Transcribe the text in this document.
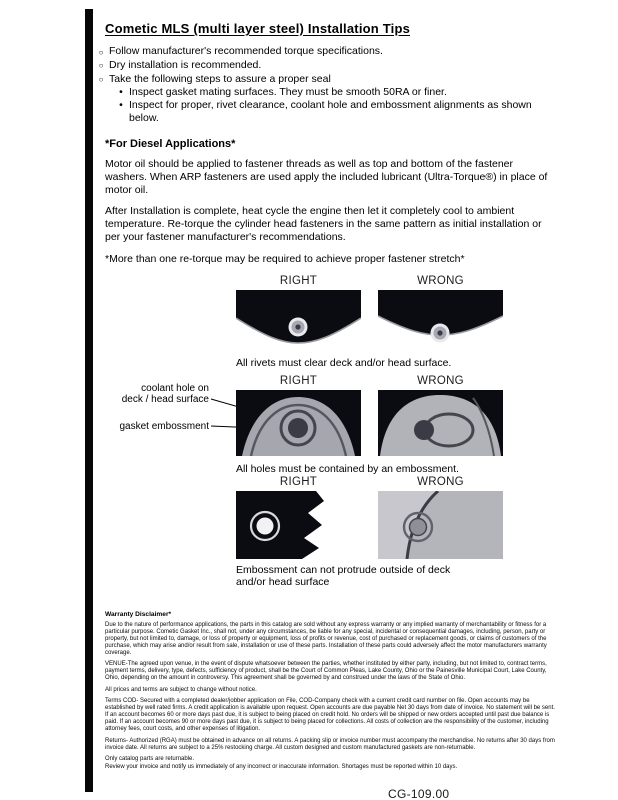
Cometic MLS (multi layer steel) Installation Tips
○
Follow manufacturer's recommended torque specifications.
○
Dry installation is recommended.
○
Take the following steps to assure a proper seal
•
Inspect gasket mating surfaces. They must be smooth 50RA or finer.
•
Inspect for proper, rivet clearance, coolant hole and embossment alignments as shown below.
*For Diesel Applications*

Motor oil should be applied to fastener threads as well as top and bottom of the fastener washers. When ARP fasteners are used apply the included lubricant (Ultra-Torque®) in place of motor oil.

After Installation is complete, heat cycle the engine then let it completely cool to ambient temperature. Re-torque the cylinder head fasteners in the same pattern as initial installation or per your fastener manufacturer's recommendations.

*More than one re-torque may be required to achieve proper fastener stretch*

RIGHT	WRONG
All rivets must clear deck and/or head surface.
RIGHT	WRONG
coolant hole on
deck / head surface
gasket embossment
All holes must be contained by an embossment.
RIGHT	WRONG
Embossment can not protrude outside of deck
and/or head surface
Warranty Disclaimer*

Due to the nature of performance applications, the parts in this catalog are sold without any express warranty or any implied warranty of merchantability or fitness for a particular purpose. Cometic Gasket Inc., shall not, under any circumstances, be liable for any special, incidental or consequential damages, including, person, party or property, but not limited to, damage, or loss of property or equipment, loss of profits or revenue, cost of purchased or replacement goods, or claims of customers of the purchase, which may arise and/or result from sale, installation or use of these parts. Installation of these parts could adversely affect the motor manufacturers warranty coverage.

VENUE-The agreed upon venue, in the event of dispute whatsoever between the parties, whether instituted by either party, including, but not limited to, contract terms, payment terms, delivery, type, defects, sufficiency of product, shall be the Court of Common Pleas, Lake County, Ohio or the Painesville Municipal Court, Lake County, Ohio, depending on the amount in controversy. This agreement shall be governed by and construed under the laws of the State of Ohio.

All prices and terms are subject to change without notice.

Terms COD- Secured with a completed dealer/jobber application on File, COD-Company check with a current credit card number on file. Open accounts may be established by well rated firms. A credit application is available upon request. Open accounts are due payable Net 30 days from date of invoice. No statement will be sent. If an account becomes 60 or more days past due, it is subject to being placed on credit hold. No orders will be shipped or new orders accepted until past due balance is paid. If an account becomes 90 or more days past due, it is subject to being placed for collections. All costs of collection are the responsibility of the customer, including attorney fees, court costs, and other expenses of litigation.

Returns- Authorized (RGA) must be obtained in advance on all returns. A packing slip or invoice number must accompany the merchandise. No returns after 30 days from invoice date. All returns are subject to a 25% restocking charge. All custom designed and custom manufactured gaskets are non-returnable.

Only catalog parts are returnable.

Review your invoice and notify us immediately of any incorrect or inaccurate information. Shortages must be reported within 10 days.

CG-109.00
